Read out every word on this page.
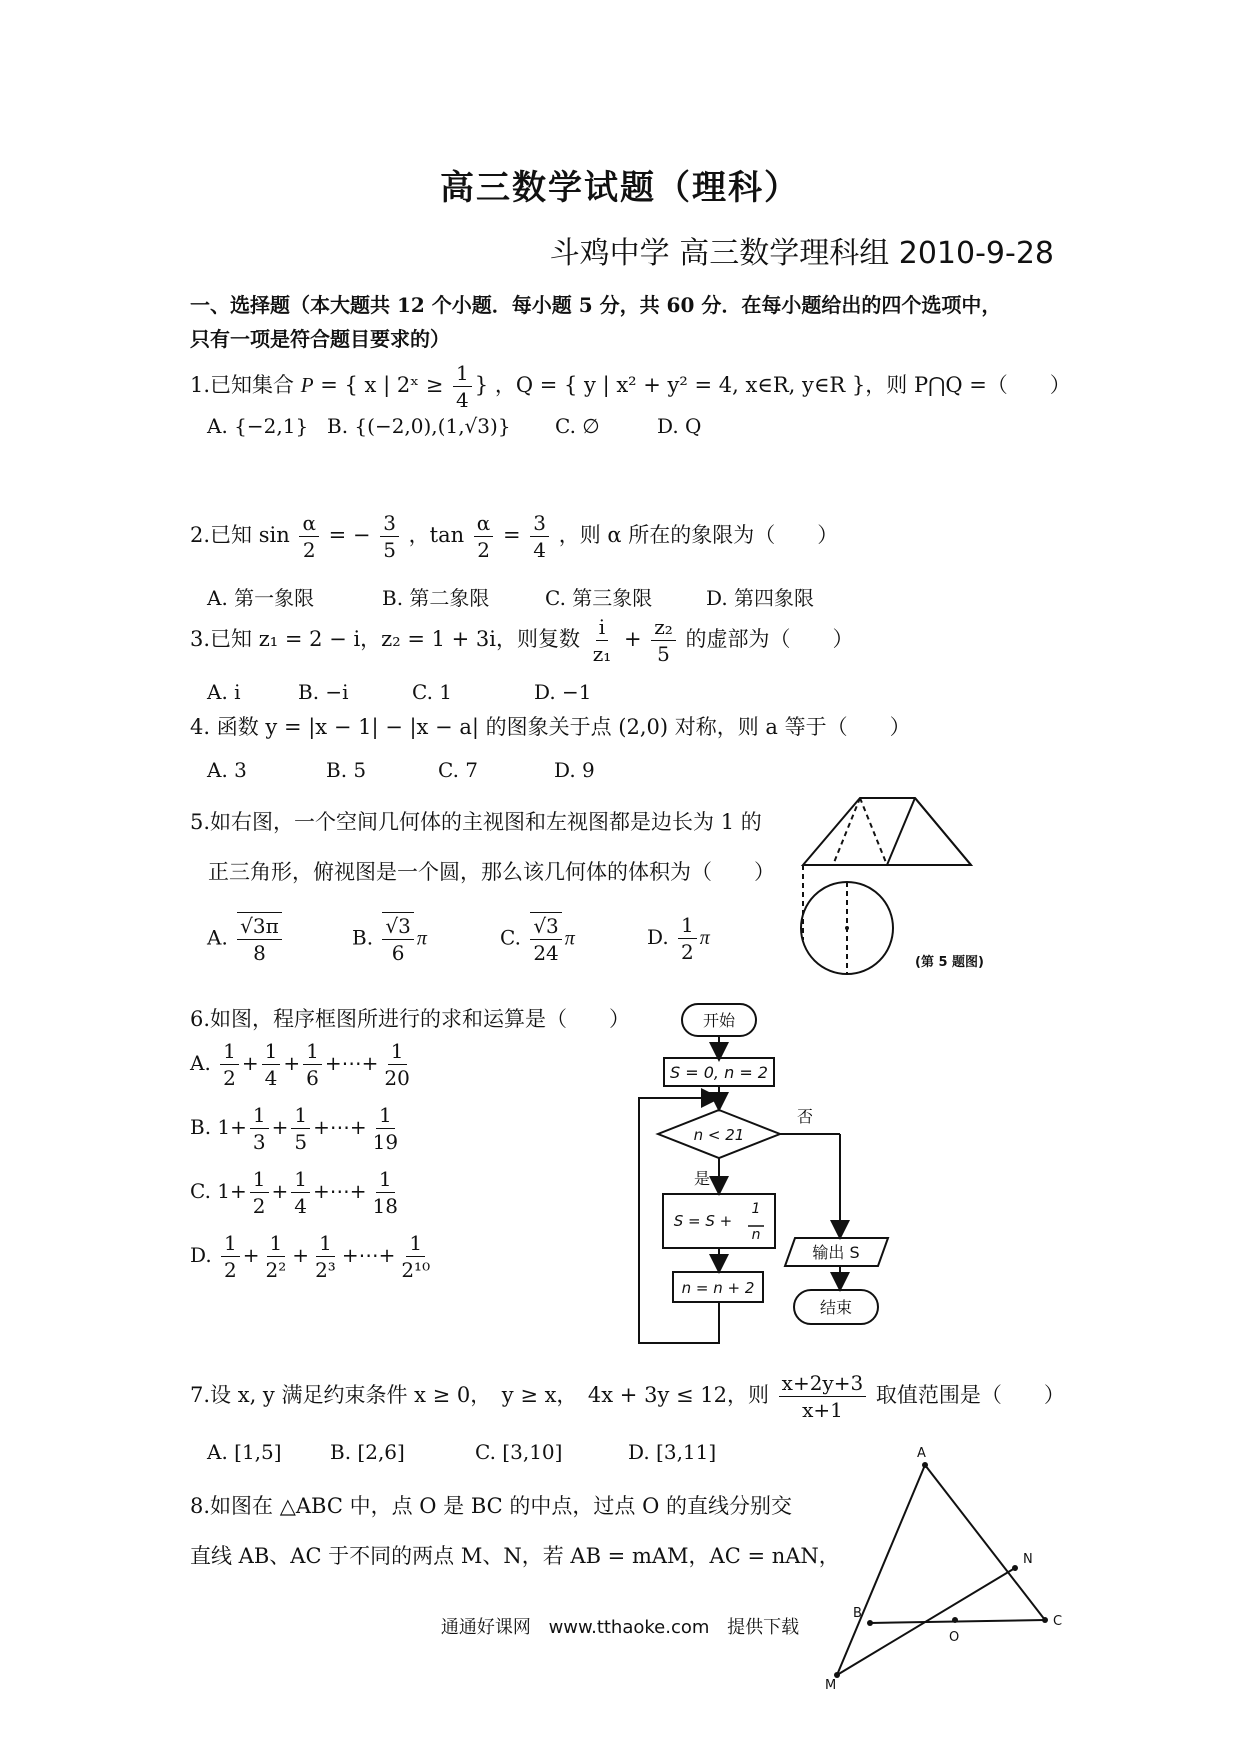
高三数学试题（理科）
斗鸡中学 高三数学理科组 2010-9-28
一、选择题（本大题共 12 个小题．每小题 5 分，共 60 分．在每小题给出的四个选项中，
只有一项是符合题目要求的）
1.已知集合 P = { x | 2ˣ ≥ $\frac{1}{4}$ } ，Q = { y | x² + y² = 4, x∈R, y∈R }，则 P⋂Q =（　　）
A. {−2,1} B. {(−2,0),(1,√3)} C. ∅	D. Q
2.已知 $\sin \frac{\alpha}{2}$ = − $\frac{3}{5}$ ，$\tan \frac{\alpha}{2} = \frac{3}{4}$ ，则 α 所在的象限为（　　）
A. 第一象限	B. 第二象限	C. 第三象限	D. 第四象限
3.已知 z₁ = 2 − i，z₂ = 1 + 3i，则复数 $\frac{i}{\text{z₁}} + \frac{\text{z₂}}{5}$ 的虚部为（　　）
A. i	B. −i	C. 1	D. −1
4. 函数 y = |x − 1| − |x − a| 的图象关于点 (2,0) 对称，则 a 等于（　　）
A. 3	B. 5	C. 7	D. 9
5.如右图，一个空间几何体的主视图和左视图都是边长为 1 的
正三角形，俯视图是一个圆，那么该几何体的体积为（　　）
A. $\frac{√3\pi}{8}$	B. $\frac{√3}{6}$ π	C. $\frac{√3}{24}$ π	D. $\frac{1}{2}$ π
(第 5 题图)
6.如图，程序框图所进行的求和运算是（　　）
A. $\frac{1}{2} + \frac{1}{4} + \frac{1}{6}$ +⋯+ $\frac{1}{20}$
B. $1+ \frac{1}{3} + \frac{1}{5}$ +⋯+ $\frac{1}{19}$
C. $1+ \frac{1}{2} + \frac{1}{4}$ +⋯+ $\frac{1}{18}$
D. $\frac{1}{2} + \frac{1}{\text{2²}} + \frac{1}{\text{2³}}$ +⋯+ $\frac{1}{\text{2¹⁰}}$
开始
S = 0, n = 2
n < 21
否
是
S = S +
1
n
n = n + 2
输出 S
结束
7.设 x, y 满足约束条件 x ≥ 0，　y ≥ x，　4x + 3y ≤ 12，则 $\frac{x+2y+3}{x+1}$ 取值范围是（　　）
A. [1,5] B. [2,6]	C. [3,10]	D. [3,11]
8.如图在 △ABC 中，点 O 是 BC 的中点，过点 O 的直线分别交
直线 AB、AC 于不同的两点 M、N，若 AB = mAM，AC = nAN，
A
B
C
N
O
M
通通好课网 www.tthaoke.com 提供下载
